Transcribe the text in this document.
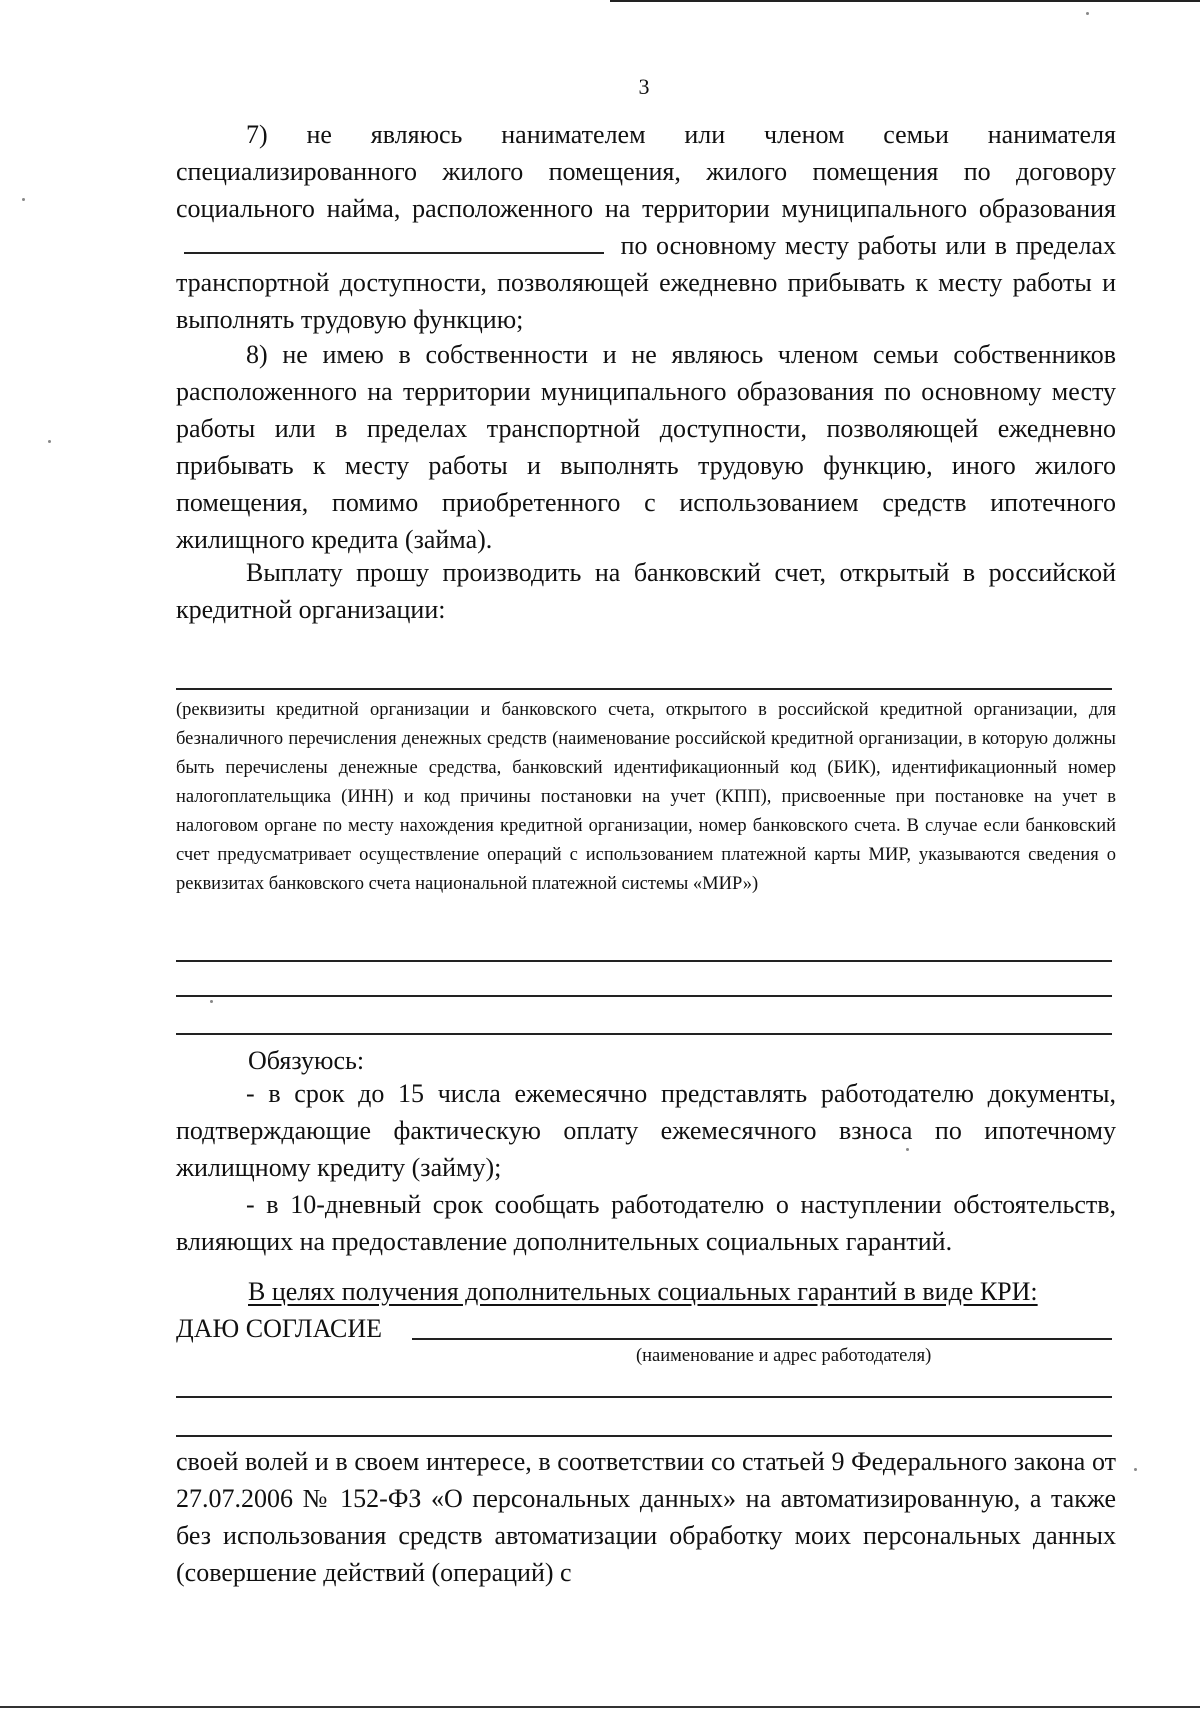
3

7) не являюсь нанимателем или членом семьи нанимателя специализированного жилого помещения, жилого помещения по договору социального найма, расположенного на территории муниципального образования  по основному месту работы или в пределах транспортной доступности, позволяющей ежедневно прибывать к месту работы и выполнять трудовую функцию;

8) не имею в собственности и не являюсь членом семьи собственников расположенного на территории муниципального образования по основному месту работы или в пределах транспортной доступности, позволяющей ежедневно прибывать к месту работы и выполнять трудовую функцию, иного жилого помещения, помимо приобретенного с использованием средств ипотечного жилищного кредита (займа).

Выплату прошу производить на банковский счет, открытый в российской кредитной организации:

(реквизиты кредитной организации и банковского счета, открытого в российской кредитной организации, для безналичного перечисления денежных средств (наименование российской кредитной организации, в которую должны быть перечислены денежные средства, банковский идентификационный код (БИК), идентификационный номер налогоплательщика (ИНН) и код причины постановки на учет (КПП), присвоенные при постановке на учет в налоговом органе по месту нахождения кредитной организации, номер банковского счета. В случае если банковский счет предусматривает осуществление операций с использованием платежной карты МИР, указываются сведения о реквизитах банковского счета национальной платежной системы «МИР»)

Обязуюсь:

- в срок до 15 числа ежемесячно представлять работодателю документы, подтверждающие фактическую оплату ежемесячного взноса по ипотечному жилищному кредиту (займу);

- в 10-дневный срок сообщать работодателю о наступлении обстоятельств, влияющих на предоставление дополнительных социальных гарантий.

В целях получения дополнительных социальных гарантий в виде КРИ:

ДАЮ СОГЛАСИЕ

(наименование и адрес работодателя)

своей волей и в своем интересе, в соответствии со статьей 9 Федерального закона от 27.07.2006 № 152-ФЗ «О персональных данных» на автоматизированную, а также без использования средств автоматизации обработку моих персональных данных (совершение действий (операций) с
